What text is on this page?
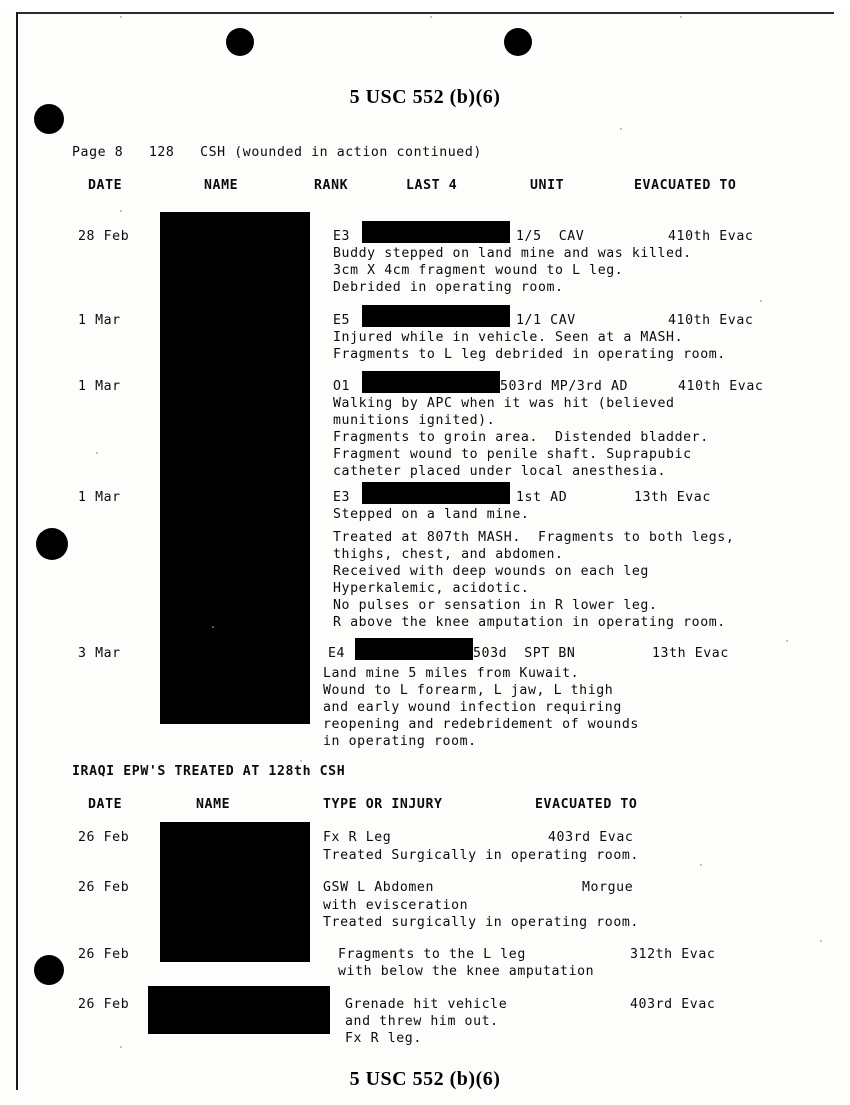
5 USC 552 (b)(6)
Page 8   128   CSH (wounded in action continued)
DATE	NAME	RANK	LAST 4	UNIT	EVACUATED TO
28 Feb	E3	1/5  CAV	410th Evac
Buddy stepped on land mine and was killed.
3cm X 4cm fragment wound to L leg.
Debrided in operating room.
1 Mar	E5	1/1 CAV	410th Evac
Injured while in vehicle. Seen at a MASH.
Fragments to L leg debrided in operating room.
1 Mar	O1	503rd MP/3rd AD	410th Evac
Walking by APC when it was hit (believed
munitions ignited).
Fragments to groin area.  Distended bladder.
Fragment wound to penile shaft. Suprapubic
catheter placed under local anesthesia.
1 Mar	E3	1st AD	13th Evac
Stepped on a land mine.
Treated at 807th MASH.  Fragments to both legs,
thighs, chest, and abdomen.
Received with deep wounds on each leg
Hyperkalemic, acidotic.
No pulses or sensation in R lower leg.
R above the knee amputation in operating room.
3 Mar	E4	503d  SPT BN	13th Evac
Land mine 5 miles from Kuwait.
Wound to L forearm, L jaw, L thigh
and early wound infection requiring
reopening and redebridement of wounds
in operating room.
IRAQI EPW'S TREATED AT 128th CSH
DATE	NAME	TYPE OR INJURY	EVACUATED TO
26 Feb	Fx R Leg	403rd Evac
Treated Surgically in operating room.
26 Feb	GSW L Abdomen	Morgue
with evisceration
Treated surgically in operating room.
26 Feb	Fragments to the L leg	312th Evac
with below the knee amputation
26 Feb	Grenade hit vehicle	403rd Evac
and threw him out.
Fx R leg.
5 USC 552 (b)(6)
